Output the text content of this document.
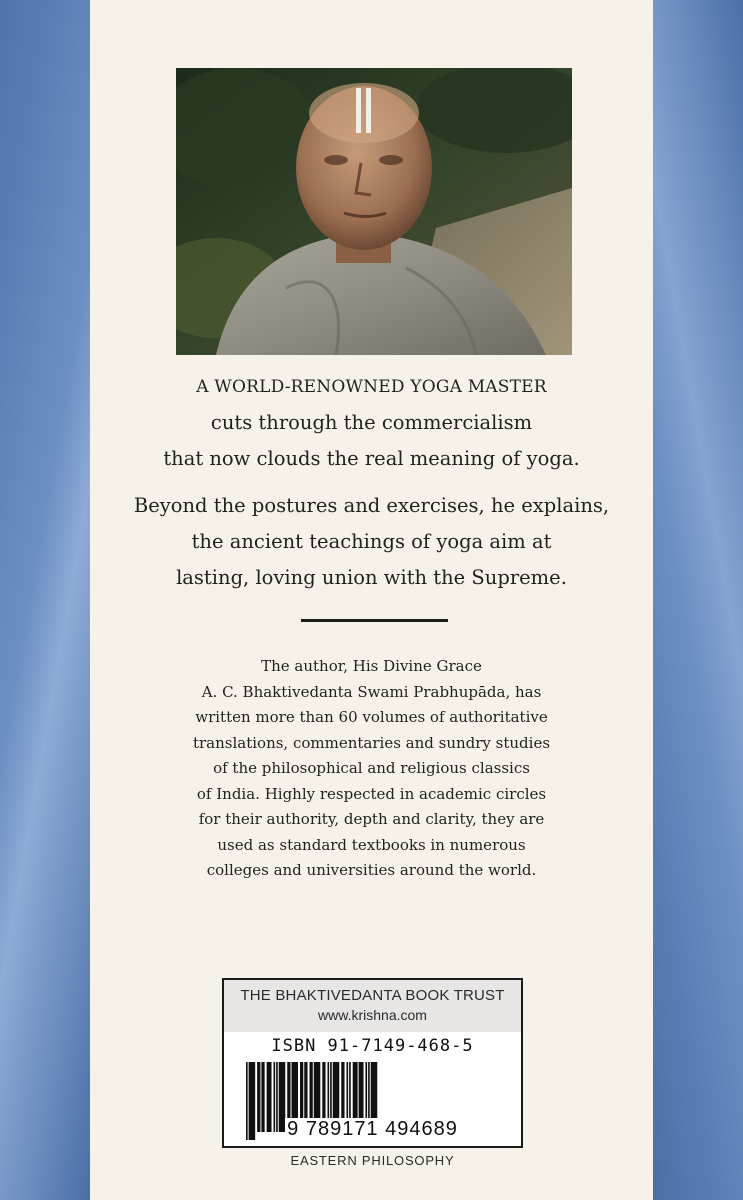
A WORLD-RENOWNED YOGA MASTER
cuts through the commercialism
that now clouds the real meaning of yoga.
Beyond the postures and exercises, he explains,
the ancient teachings of yoga aim at
lasting, loving union with the Supreme.
The author, His Divine Grace
A. C. Bhaktivedanta Swami Prabhupāda, has
written more than 60 volumes of authoritative
translations, commentaries and sundry studies
of the philosophical and religious classics
of India. Highly respected in academic circles
for their authority, depth and clarity, they are
used as standard textbooks in numerous
colleges and universities around the world.
THE BHAKTIVEDANTA BOOK TRUST
www.krishna.com
ISBN 91-7149-468-5
9 789171 494689
EASTERN PHILOSOPHY
